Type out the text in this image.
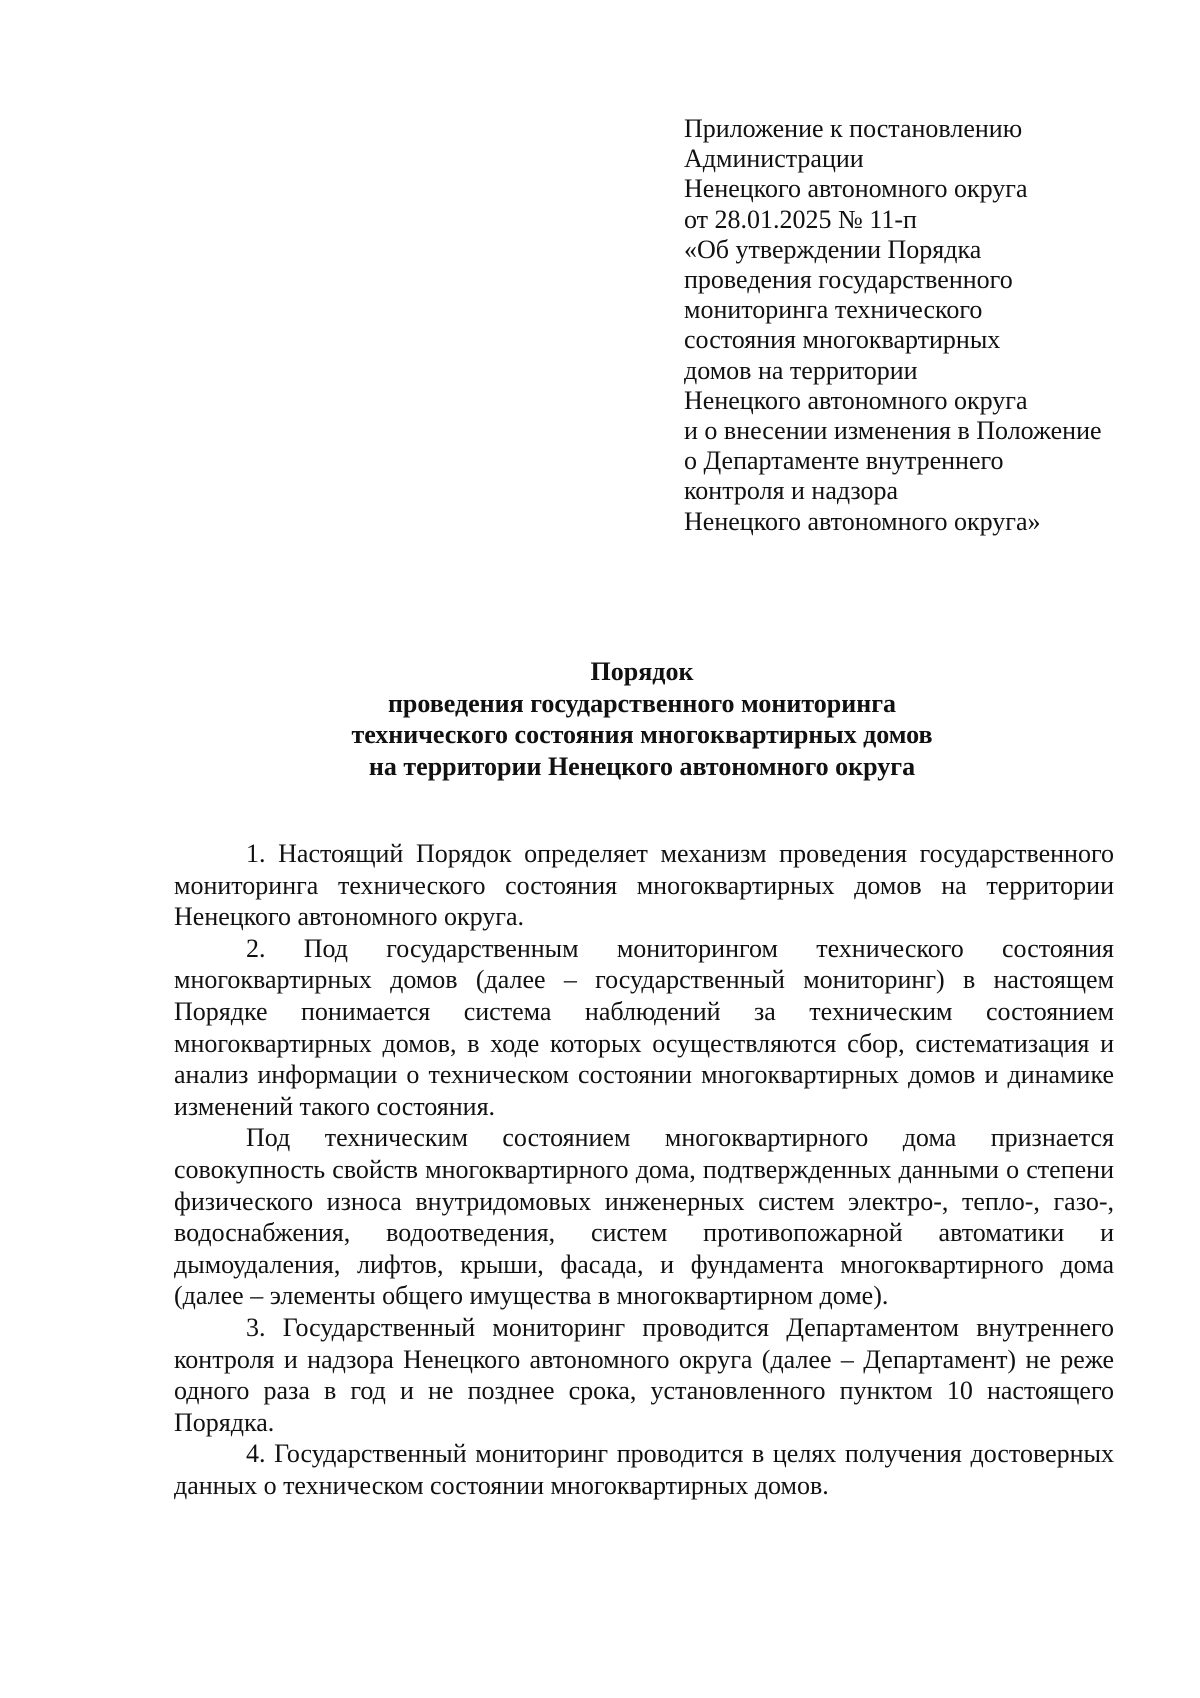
Приложение к постановлению
Администрации
Ненецкого автономного округа
от 28.01.2025 № 11-п
«Об утверждении Порядка
проведения государственного
мониторинга технического
состояния многоквартирных
домов на территории
Ненецкого автономного округа
и о внесении изменения в Положение
о Департаменте внутреннего
контроля и надзора
Ненецкого автономного округа»
Порядок
проведения государственного мониторинга
технического состояния многоквартирных домов
на территории Ненецкого автономного округа

1. Настоящий Порядок определяет механизм проведения государственного мониторинга технического состояния многоквартирных домов на территории Ненецкого автономного округа.

2. Под государственным мониторингом технического состояния многоквартирных домов (далее – государственный мониторинг) в настоящем Порядке понимается система наблюдений за техническим состоянием многоквартирных домов, в ходе которых осуществляются сбор, систематизация и анализ информации о техническом состоянии многоквартирных домов и динамике изменений такого состояния.

Под техническим состоянием многоквартирного дома признается совокупность свойств многоквартирного дома, подтвержденных данными о степени физического износа внутридомовых инженерных систем электро-, тепло-, газо-, водоснабжения, водоотведения, систем противопожарной автоматики и дымоудаления, лифтов, крыши, фасада, и фундамента многоквартирного дома (далее – элементы общего имущества в многоквартирном доме).

3. Государственный мониторинг проводится Департаментом внутреннего контроля и надзора Ненецкого автономного округа (далее – Департамент) не реже одного раза в год и не позднее срока, установленного пунктом 10 настоящего Порядка.

4. Государственный мониторинг проводится в целях получения достоверных данных о техническом состоянии многоквартирных домов.
